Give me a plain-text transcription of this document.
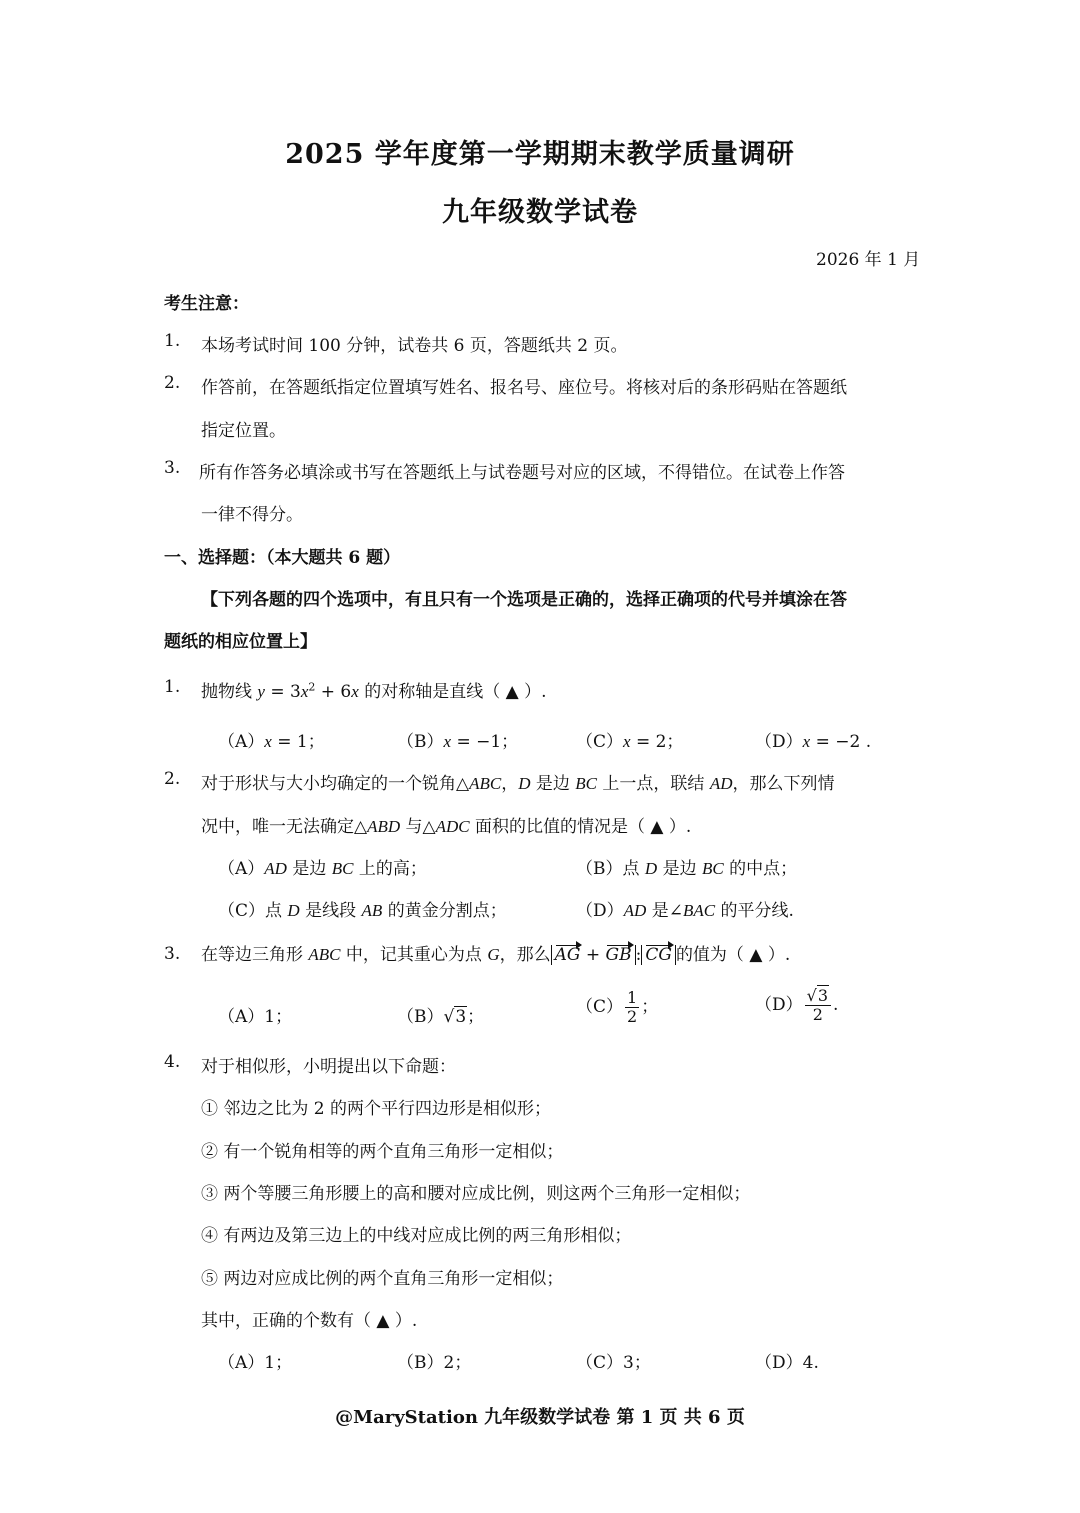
2025 学年度第一学期期末教学质量调研
九年级数学试卷
2026 年 1 月
考生注意：
1. 本场考试时间 100 分钟，试卷共 6 页，答题纸共 2 页。
2. 作答前，在答题纸指定位置填写姓名、报名号、座位号。将核对后的条形码贴在答题纸
指定位置。
3. 所有作答务必填涂或书写在答题纸上与试卷题号对应的区域，不得错位。在试卷上作答
一律不得分。
一、选择题：（本大题共 6 题）
【下列各题的四个选项中，有且只有一个选项是正确的，选择正确项的代号并填涂在答
题纸的相应位置上】
1. 抛物线 $y = 3x^2 + 6x$ 的对称轴是直线（ ▲ ）.
（A）x = 1；	（B）x = −1；	（C）x = 2；	（D）x = −2 .
2. 对于形状与大小均确定的一个锐角△ABC，D 是边 BC 上一点，联结 AD，那么下列情
况中，唯一无法确定△ABD 与△ADC 面积的比值的情况是（ ▲ ）.
（A）AD 是边 BC 上的高；	（B）点 D 是边 BC 的中点；
（C）点 D 是线段 AB 的黄金分割点；	（D）AD 是∠BAC 的平分线.
3. 在等边三角形 ABC 中，记其重心为点 G，那么 AG + GB : CG 的值为（ ▲ ）.
（A）1；	（B）√3；	$(C) \frac{1}{2}$ ；	$(D) \frac{√3}{2}$ .
4. 对于相似形，小明提出以下命题：
① 邻边之比为 2 的两个平行四边形是相似形；
② 有一个锐角相等的两个直角三角形一定相似；
③ 两个等腰三角形腰上的高和腰对应成比例，则这两个三角形一定相似；
④ 有两边及第三边上的中线对应成比例的两三角形相似；
⑤ 两边对应成比例的两个直角三角形一定相似；
其中，正确的个数有（ ▲ ）.
（A）1；	（B）2；	（C）3；	（D）4.
@MaryStation 九年级数学试卷 第 1 页 共 6 页
